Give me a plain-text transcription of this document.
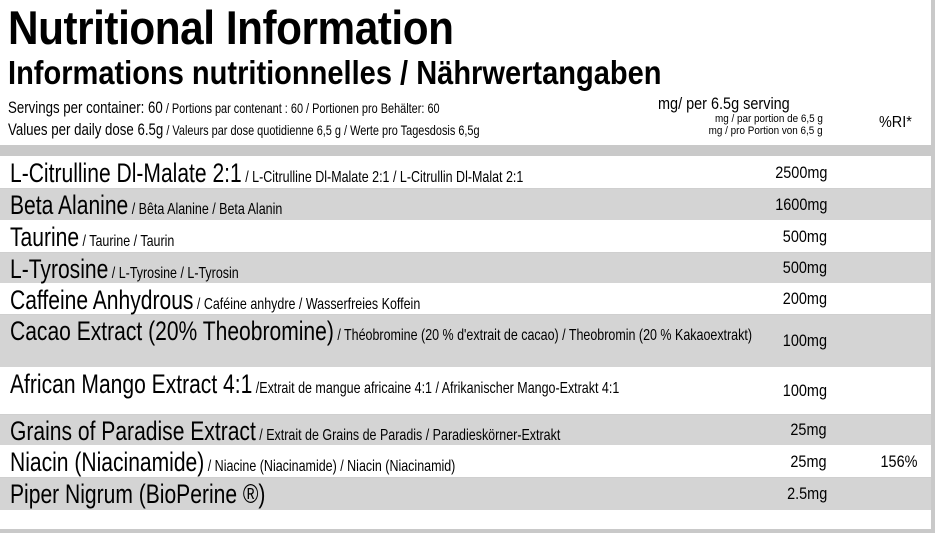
Nutritional Information
Informations nutritionnelles / Nährwertangaben
Servings per container: 60 / Portions par contenant : 60 / Portionen pro Behälter: 60
Values per daily dose 6.5g / Valeurs par dose quotidienne 6,5 g / Werte pro Tagesdosis 6,5g
mg/ per 6.5g serving
mg / par portion de 6,5 g
mg / pro Portion von 6,5 g	%RI*
L-Citrulline Dl-Malate 2:1 / L-Citrulline Dl-Malate 2:1 / L-Citrullin Dl-Malat 2:1	2500mg
Beta Alanine / Bêta Alanine / Beta Alanin	1600mg
Taurine / Taurine / Taurin	500mg
L-Tyrosine / L-Tyrosine / L-Tyrosin	500mg
Caffeine Anhydrous / Caféine anhydre / Wasserfreies Koffein	200mg
Cacao Extract (20% Theobromine) / Théobromine (20 % d'extrait de cacao) / Theobromin (20 % Kakaoextrakt)	100mg
African Mango Extract 4:1 /Extrait de mangue africaine 4:1 / Afrikanischer Mango-Extrakt 4:1	100mg
Grains of Paradise Extract / Extrait de Grains de Paradis / Paradieskörner-Extrakt	25mg
Niacin (Niacinamide) / Niacine (Niacinamide) / Niacin (Niacinamid)	25mg	156%
Piper Nigrum (BioPerine ®)	2.5mg
